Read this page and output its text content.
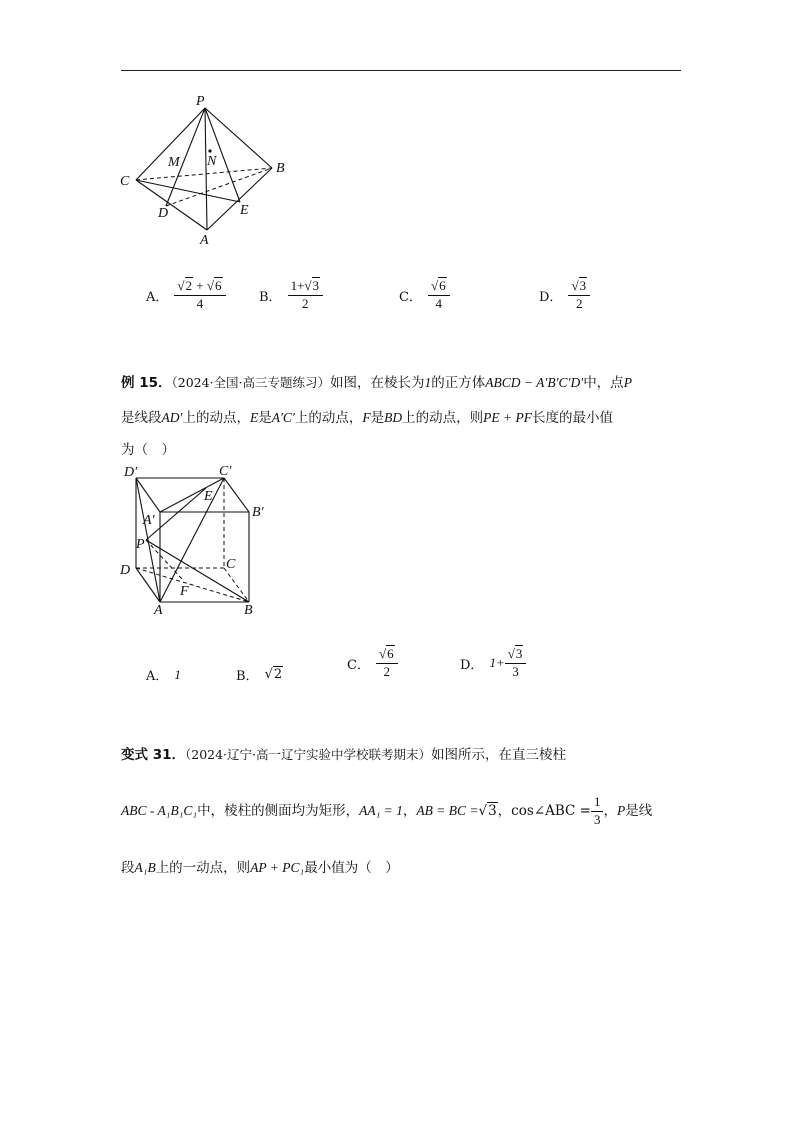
P
M N	B
C
D	E
A
A． $\frac{√2 + √6}{4}$	B． $\frac{1+√3}{2}$	C． $\frac{√6}{4}$	D． $\frac{√3}{2}$
例 15．（2024·全国·高三专题练习）如图，在棱长为1的正方体ABCD − A′B′C′D′中，点P
是线段AD′上的动点，E是A′C′上的动点，F是BD上的动点，则PE + PF长度的最小值
为（　）
D′	C′
E
B′
A′
P
C
D
F
A	B
A． 1	B． √2
C． $\frac{√6}{2}$	D． $1+ \frac{√3}{3}$
变式 31．（2024·辽宁·高一辽宁实验中学校联考期末）如图所示，在直三棱柱
ABC - A₁B₁C₁ 中，棱柱的侧面均为矩形， AA₁ = 1 ， AB = BC = √3 ， cos∠ABC = $\frac{1}{3}$ ， P 是线
段A₁B上的一动点，则AP + PC₁最小值为（　）
